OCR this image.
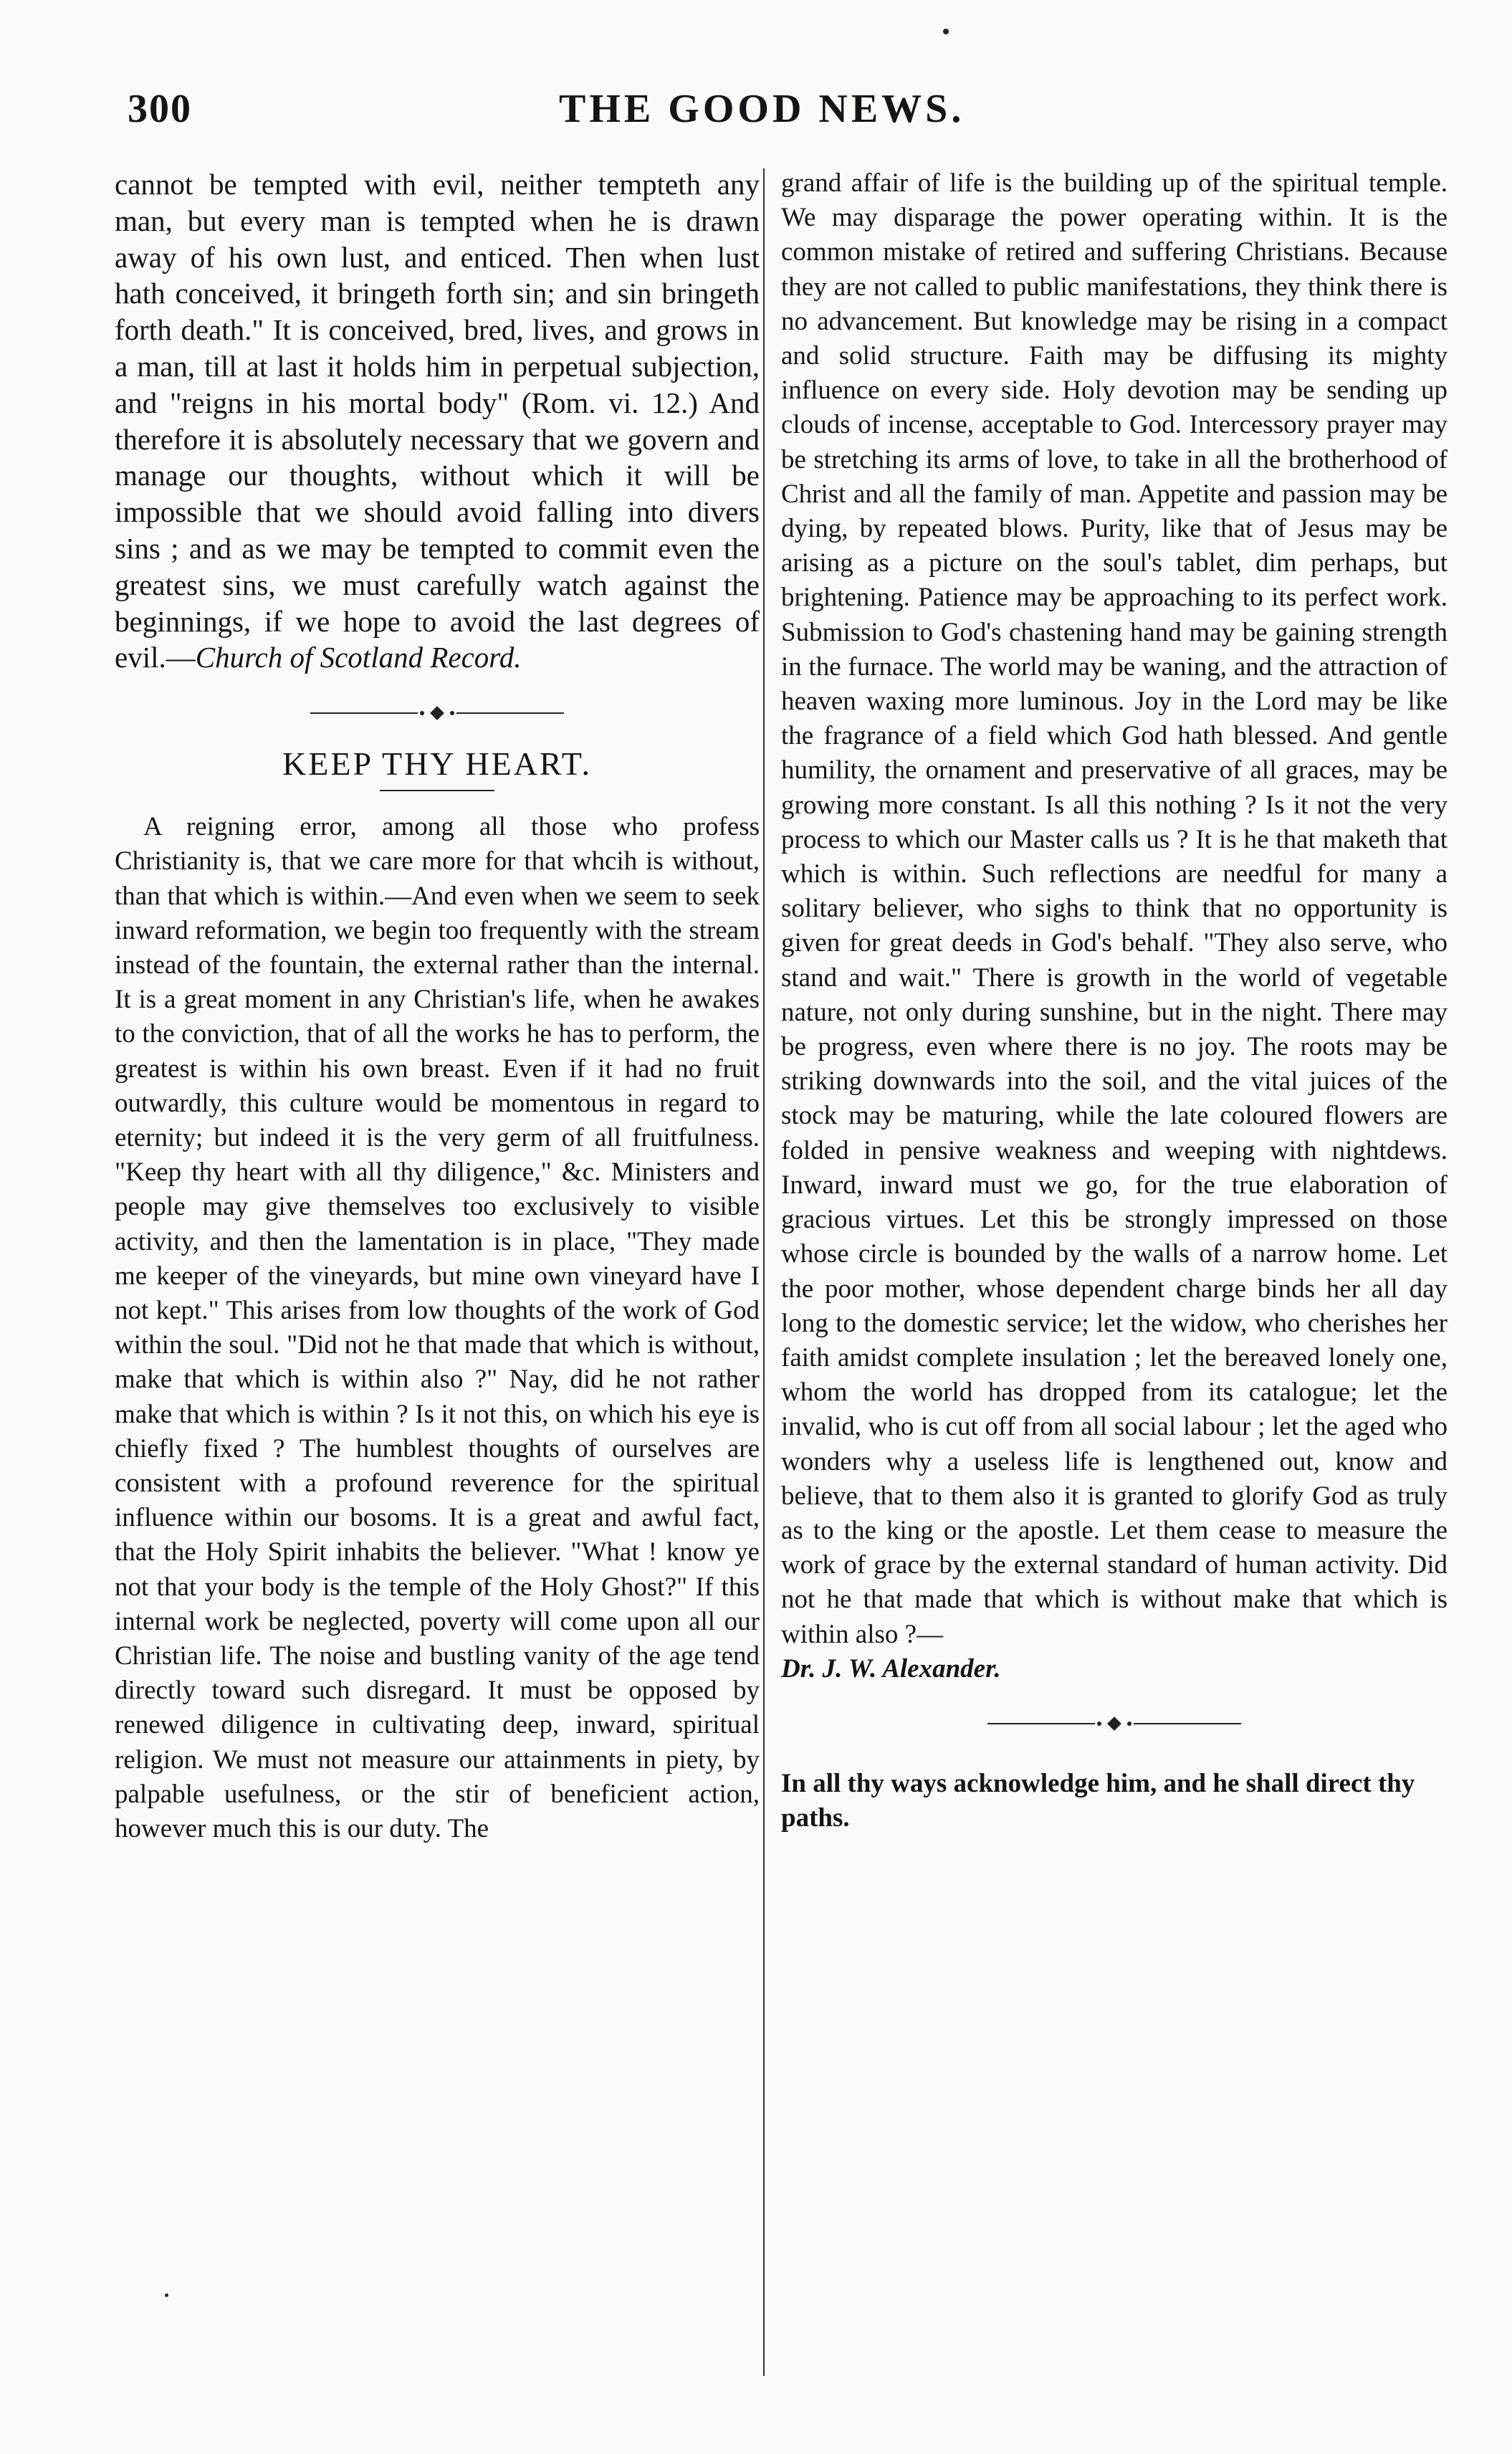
300	THE GOOD NEWS.

cannot be tempted with evil, neither tempteth any man, but every man is tempted when he is drawn away of his own lust, and enticed. Then when lust hath conceived, it bringeth forth sin; and sin bringeth forth death." It is conceived, bred, lives, and grows in a man, till at last it holds him in perpetual subjection, and "reigns in his mortal body" (Rom. vi. 12.) And therefore it is absolutely necessary that we govern and manage our thoughts, without which it will be impossible that we should avoid falling into divers sins ; and as we may be tempted to commit even the greatest sins, we must carefully watch against the beginnings, if we hope to avoid the last degrees of evil.—Church of Scotland Record.

KEEP THY HEART.

A reigning error, among all those who profess Christianity is, that we care more for that whcih is without, than that which is within.—And even when we seem to seek inward reformation, we begin too frequently with the stream instead of the fountain, the external rather than the internal. It is a great moment in any Christian's life, when he awakes to the conviction, that of all the works he has to perform, the greatest is within his own breast. Even if it had no fruit outwardly, this culture would be momentous in regard to eternity; but indeed it is the very germ of all fruitfulness. "Keep thy heart with all thy diligence," &c. Ministers and people may give themselves too exclusively to visible activity, and then the lamentation is in place, "They made me keeper of the vineyards, but mine own vineyard have I not kept." This arises from low thoughts of the work of God within the soul. "Did not he that made that which is without, make that which is within also ?" Nay, did he not rather make that which is within ? Is it not this, on which his eye is chiefly fixed ? The humblest thoughts of ourselves are consistent with a profound reverence for the spiritual influence within our bosoms. It is a great and awful fact, that the Holy Spirit inhabits the believer. "What ! know ye not that your body is the temple of the Holy Ghost?" If this internal work be neglected, poverty will come upon all our Christian life. The noise and bustling vanity of the age tend directly toward such disregard. It must be opposed by renewed diligence in cultivating deep, inward, spiritual religion. We must not measure our attainments in piety, by palpable usefulness, or the stir of beneficient action, however much this is our duty. The

grand affair of life is the building up of the spiritual temple. We may disparage the power operating within. It is the common mistake of retired and suffering Christians. Because they are not called to public manifestations, they think there is no advancement. But knowledge may be rising in a compact and solid structure. Faith may be diffusing its mighty influence on every side. Holy devotion may be sending up clouds of incense, acceptable to God. Intercessory prayer may be stretching its arms of love, to take in all the brotherhood of Christ and all the family of man. Appetite and passion may be dying, by repeated blows. Purity, like that of Jesus may be arising as a picture on the soul's tablet, dim perhaps, but brightening. Patience may be approaching to its perfect work. Submission to God's chastening hand may be gaining strength in the furnace. The world may be waning, and the attraction of heaven waxing more luminous. Joy in the Lord may be like the fragrance of a field which God hath blessed. And gentle humility, the ornament and preservative of all graces, may be growing more constant. Is all this nothing ? Is it not the very process to which our Master calls us ? It is he that maketh that which is within. Such reflections are needful for many a solitary believer, who sighs to think that no opportunity is given for great deeds in God's behalf. "They also serve, who stand and wait." There is growth in the world of vegetable nature, not only during sunshine, but in the night. There may be progress, even where there is no joy. The roots may be striking downwards into the soil, and the vital juices of the stock may be maturing, while the late coloured flowers are folded in pensive weakness and weeping with nightdews. Inward, inward must we go, for the true elaboration of gracious virtues. Let this be strongly impressed on those whose circle is bounded by the walls of a narrow home. Let the poor mother, whose dependent charge binds her all day long to the domestic service; let the widow, who cherishes her faith amidst complete insulation ; let the bereaved lonely one, whom the world has dropped from its catalogue; let the invalid, who is cut off from all social labour ; let the aged who wonders why a useless life is lengthened out, know and believe, that to them also it is granted to glorify God as truly as to the king or the apostle. Let them cease to measure the work of grace by the external standard of human activity. Did not he that made that which is without make that which is within also ?—
Dr. J. W. Alexander.

In all thy ways acknowledge him, and he shall direct thy paths.
